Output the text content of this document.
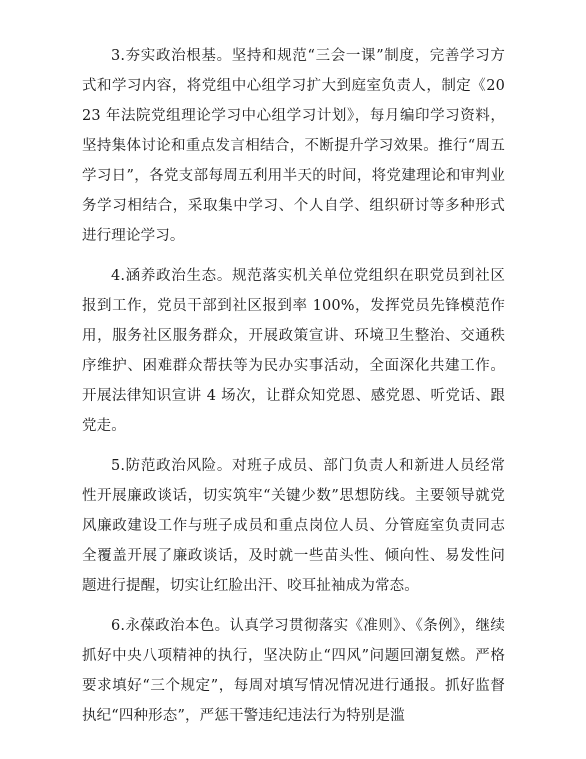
3.夯实政治根基。坚持和规范“三会一课”制度，完善学习方式和学习内容，将党组中心组学习扩大到庭室负责人，制定《2023 年法院党组理论学习中心组学习计划》，每月编印学习资料，坚持集体讨论和重点发言相结合，不断提升学习效果。推行“周五学习日”，各党支部每周五利用半天的时间，将党建理论和审判业务学习相结合，采取集中学习、个人自学、组织研讨等多种形式进行理论学习。

4.涵养政治生态。规范落实机关单位党组织在职党员到社区报到工作，党员干部到社区报到率 100%，发挥党员先锋模范作用，服务社区服务群众，开展政策宣讲、环境卫生整治、交通秩序维护、困难群众帮扶等为民办实事活动，全面深化共建工作。开展法律知识宣讲 4 场次，让群众知党恩、感党恩、听党话、跟党走。

5.防范政治风险。对班子成员、部门负责人和新进人员经常性开展廉政谈话，切实筑牢“关键少数”思想防线。主要领导就党风廉政建设工作与班子成员和重点岗位人员、分管庭室负责同志全覆盖开展了廉政谈话，及时就一些苗头性、倾向性、易发性问题进行提醒，切实让红脸出汗、咬耳扯袖成为常态。

6.永葆政治本色。认真学习贯彻落实《准则》、《条例》，继续抓好中央八项精神的执行，坚决防止“四风”问题回潮复燃。严格要求填好“三个规定”，每周对填写情况情况进行通报。抓好监督执纪“四种形态”，严惩干警违纪违法行为特别是滥
